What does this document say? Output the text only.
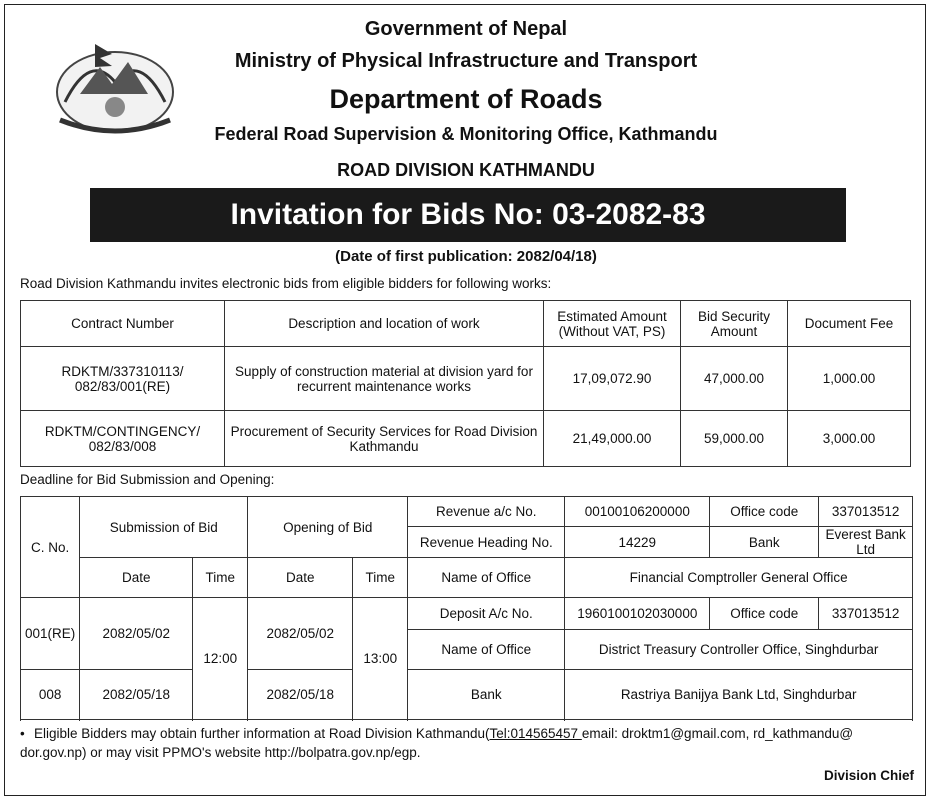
Government of Nepal
Ministry of Physical Infrastructure and Transport
Department of Roads
Federal Road Supervision & Monitoring Office, Kathmandu
ROAD DIVISION KATHMANDU
Invitation for Bids No: 03-2082-83
(Date of first publication: 2082/04/18)
Road Division Kathmandu invites electronic bids from eligible bidders for following works:
Contract Number	Description and location of work	Estimated Amount (Without VAT, PS)	Bid Security Amount	Document Fee
RDKTM/337310113/ 082/83/001(RE)	Supply of construction material at division yard for recurrent maintenance works	17,09,072.90	47,000.00	1,000.00
RDKTM/CONTINGENCY/ 082/83/008	Procurement of Security Services for Road Division Kathmandu	21,49,000.00	59,000.00	3,000.00
Deadline for Bid Submission and Opening:
C. No.	Submission of Bid		Opening of Bid		Revenue a/c No.	00100106200000	Office code	337013512
					Revenue Heading No.	14229	Bank	Everest Bank Ltd
	Date	Time	Date	Time	Name of Office	Financial Comptroller General Office		
001(RE)	2082/05/02	12:00	2082/05/02	13:00	Deposit A/c No.	1960100102030000	Office code	337013512
					Name of Office	District Treasury Controller Office, Singhdurbar		
008	2082/05/18		2082/05/18		Bank	Rastriya Banijya Bank Ltd, Singhdurbar		

• Eligible Bidders may obtain further information at Road Division Kathmandu(Tel:014565457 email: droktm1@gmail.com, rd_kathmandu@ dor.gov.np) or may visit PPMO's website http://bolpatra.gov.np/egp.
Division Chief
